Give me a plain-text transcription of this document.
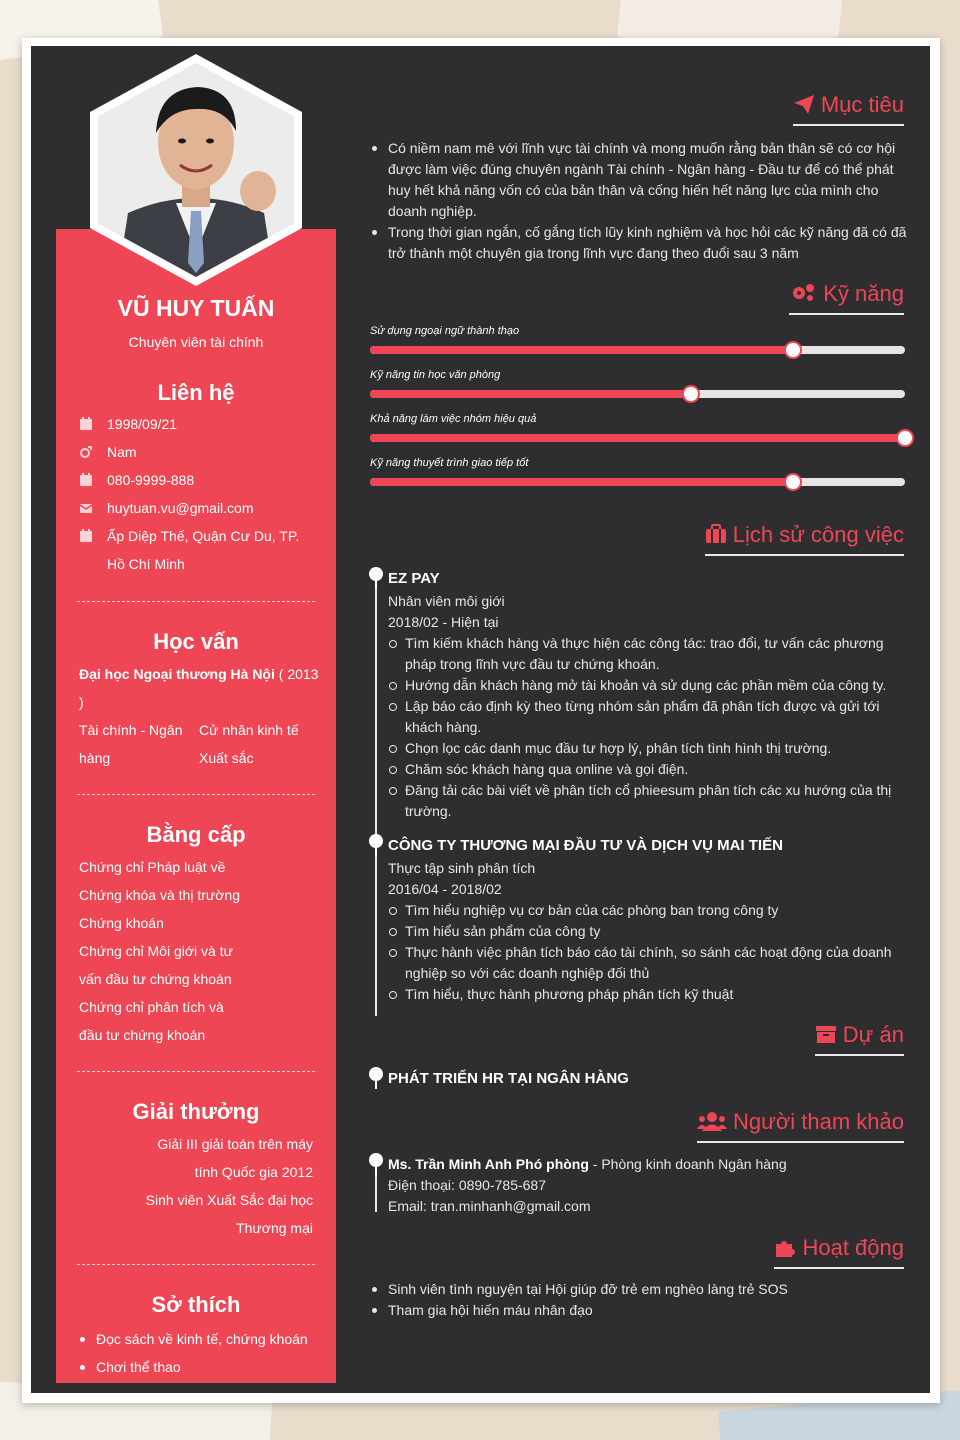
VŨ HUY TUẤN
Chuyên viên tài chính
Liên hệ
1998/09/21
Nam
080-9999-888
huytuan.vu@gmail.com
Ấp Diệp Thế, Quận Cư Du, TP.
Hồ Chí Minh
Học vấn
Đại học Ngoại thương Hà Nội ( 2013
)
Tài chính - Ngân
hàng
Cử nhân kinh tế
Xuất sắc
Bằng cấp
Chứng chỉ Pháp luật về
Chứng khóa và thị trường
Chứng khoán
Chứng chỉ Môi giới và tư
vấn đầu tư chứng khoán
Chứng chỉ phân tích và
đầu tư chứng khoán
Giải thưởng
Giải III giải toán trên máy
tính Quốc gia 2012
Sinh viên Xuất Sắc đại học
Thương mại
Sở thích
Đọc sách về kinh tế, chứng khoán
Chơi thể thao
Mục tiêu
Có niềm nam mê với lĩnh vực tài chính và mong muốn rằng bản thân sẽ có cơ hội
được làm việc đúng chuyên ngành Tài chính - Ngân hàng - Đầu tư để có thể phát
huy hết khả năng vốn có của bản thân và cống hiến hết năng lực của mình cho
doanh nghiệp.
Trong thời gian ngắn, cố gắng tích lũy kinh nghiệm và học hỏi các kỹ năng đã có đã
trở thành một chuyên gia trong lĩnh vực đang theo đuổi sau 3 năm
Kỹ năng
Sử dụng ngoại ngữ thành thạo
Kỹ năng tin học văn phòng
Khả năng làm việc nhóm hiệu quả
Kỹ năng thuyết trình giao tiếp tốt
Lịch sử công việc
EZ PAY
Nhân viên môi giới
2018/02 - Hiện tại
Tìm kiếm khách hàng và thực hiện các công tác: trao đổi, tư vấn các phương
pháp trong lĩnh vực đầu tư chứng khoán.
Hướng dẫn khách hàng mở tài khoản và sử dụng các phần mềm của công ty.
Lập báo cáo định kỳ theo từng nhóm sản phẩm đã phân tích được và gửi tới
khách hàng.
Chọn lọc các danh mục đầu tư hợp lý, phân tích tình hình thị trường.
Chăm sóc khách hàng qua online và gọi điện.
Đăng tải các bài viết về phân tích cổ phieesum phân tích các xu hướng của thị
trường.
CÔNG TY THƯƠNG MẠI ĐẦU TƯ VÀ DỊCH VỤ MAI TIẾN
Thực tập sinh phân tích
2016/04 - 2018/02
Tìm hiểu nghiệp vụ cơ bản của các phòng ban trong công ty
Tìm hiểu sản phẩm của công ty
Thực hành việc phân tích báo cáo tài chính, so sánh các hoạt động của doanh
nghiệp so với các doanh nghiệp đối thủ
Tìm hiểu, thực hành phương pháp phân tích kỹ thuật
Dự án
PHÁT TRIỂN HR TẠI NGÂN HÀNG
Người tham khảo
Ms. Trần Minh Anh Phó phòng - Phòng kinh doanh Ngân hàng
Điện thoại: 0890-785-687
Email: tran.minhanh@gmail.com
Hoạt động
Sinh viên tình nguyện tại Hội giúp đỡ trẻ em nghèo làng trẻ SOS
Tham gia hội hiến máu nhân đạo
